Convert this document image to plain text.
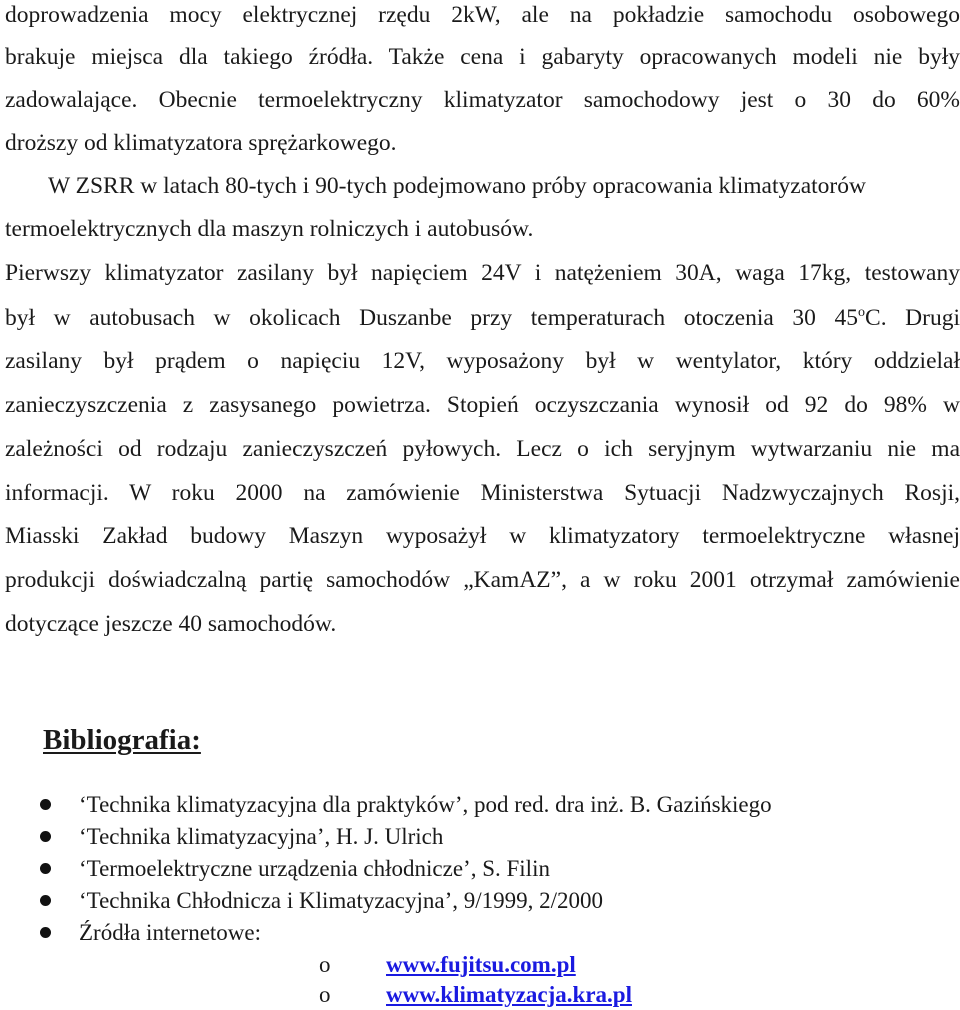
doprowadzenia mocy elektrycznej rzędu 2kW, ale na pokładzie samochodu osobowego
brakuje miejsca dla takiego źródła. Także cena i gabaryty opracowanych modeli nie były
zadowalające. Obecnie termoelektryczny klimatyzator samochodowy jest o 30 do 60%
droższy od klimatyzatora sprężarkowego.
W ZSRR w latach 80-tych i 90-tych podejmowano próby opracowania klimatyzatorów
termoelektrycznych dla maszyn rolniczych i autobusów.
Pierwszy klimatyzator zasilany był napięciem 24V i natężeniem 30A, waga 17kg, testowany
był w autobusach w okolicach Duszanbe przy temperaturach otoczenia 30 45$^o$C. Drugi
zasilany był prądem o napięciu 12V, wyposażony był w wentylator, który oddzielał
zanieczyszczenia z zasysanego powietrza. Stopień oczyszczania wynosił od 92 do 98% w
zależności od rodzaju zanieczyszczeń pyłowych. Lecz o ich seryjnym wytwarzaniu nie ma
informacji. W roku 2000 na zamówienie Ministerstwa Sytuacji Nadzwyczajnych Rosji,
Miasski Zakład budowy Maszyn wyposażył w klimatyzatory termoelektryczne własnej
produkcji doświadczalną partię samochodów „KamAZ”, a w roku 2001 otrzymał zamówienie
dotyczące jeszcze 40 samochodów.
Bibliografia:
‘Technika klimatyzacyjna dla praktyków’, pod red. dra inż. B. Gazińskiego
‘Technika klimatyzacyjna’, H. J. Ulrich
‘Termoelektryczne urządzenia chłodnicze’, S. Filin
‘Technika Chłodnicza i Klimatyzacyjna’, 9/1999, 2/2000
Źródła internetowe:
o www.fujitsu.com.pl
o www.klimatyzacja.kra.pl
